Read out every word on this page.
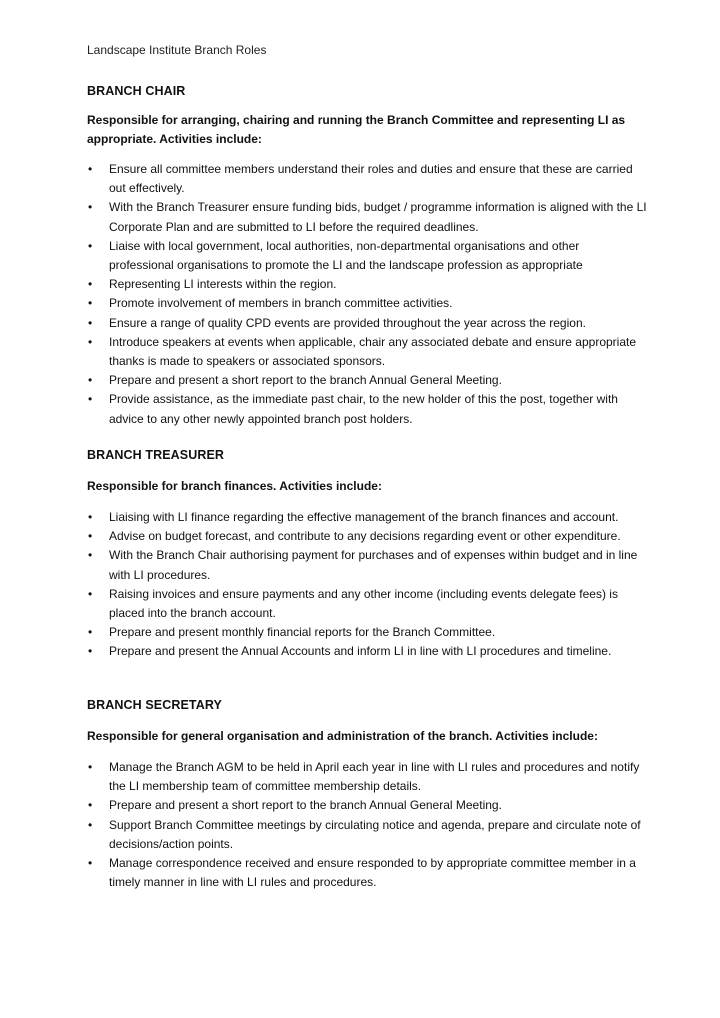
Landscape Institute Branch Roles
BRANCH CHAIR

Responsible for arranging, chairing and running the Branch Committee and representing LI as appropriate. Activities include:

•	Ensure all committee members understand their roles and duties and ensure that these are carried out effectively.
•	With the Branch Treasurer ensure funding bids, budget / programme information is aligned with the LI Corporate Plan and are submitted to LI before the required deadlines.
•	Liaise with local government, local authorities, non-departmental organisations and other professional organisations to promote the LI and the landscape profession as appropriate
•	Representing LI interests within the region.
•	Promote involvement of members in branch committee activities.
•	Ensure a range of quality CPD events are provided throughout the year across the region.
•	Introduce speakers at events when applicable, chair any associated debate and ensure appropriate thanks is made to speakers or associated sponsors.
•	Prepare and present a short report to the branch Annual General Meeting.
•	Provide assistance, as the immediate past chair, to the new holder of this the post, together with advice to any other newly appointed branch post holders.
BRANCH TREASURER

Responsible for branch finances. Activities include:

•	Liaising with LI finance regarding the effective management of the branch finances and account.
•	Advise on budget forecast, and contribute to any decisions regarding event or other expenditure.
•	With the Branch Chair authorising payment for purchases and of expenses within budget and in line with LI procedures.
•	Raising invoices and ensure payments and any other income (including events delegate fees) is placed into the branch account.
•	Prepare and present monthly financial reports for the Branch Committee.
•	Prepare and present the Annual Accounts and inform LI in line with LI procedures and timeline.
BRANCH SECRETARY

Responsible for general organisation and administration of the branch. Activities include:

•	Manage the Branch AGM to be held in April each year in line with LI rules and procedures and notify the LI membership team of committee membership details.
•	Prepare and present a short report to the branch Annual General Meeting.
•	Support Branch Committee meetings by circulating notice and agenda, prepare and circulate note of decisions/action points.
•	Manage correspondence received and ensure responded to by appropriate committee member in a timely manner in line with LI rules and procedures.
